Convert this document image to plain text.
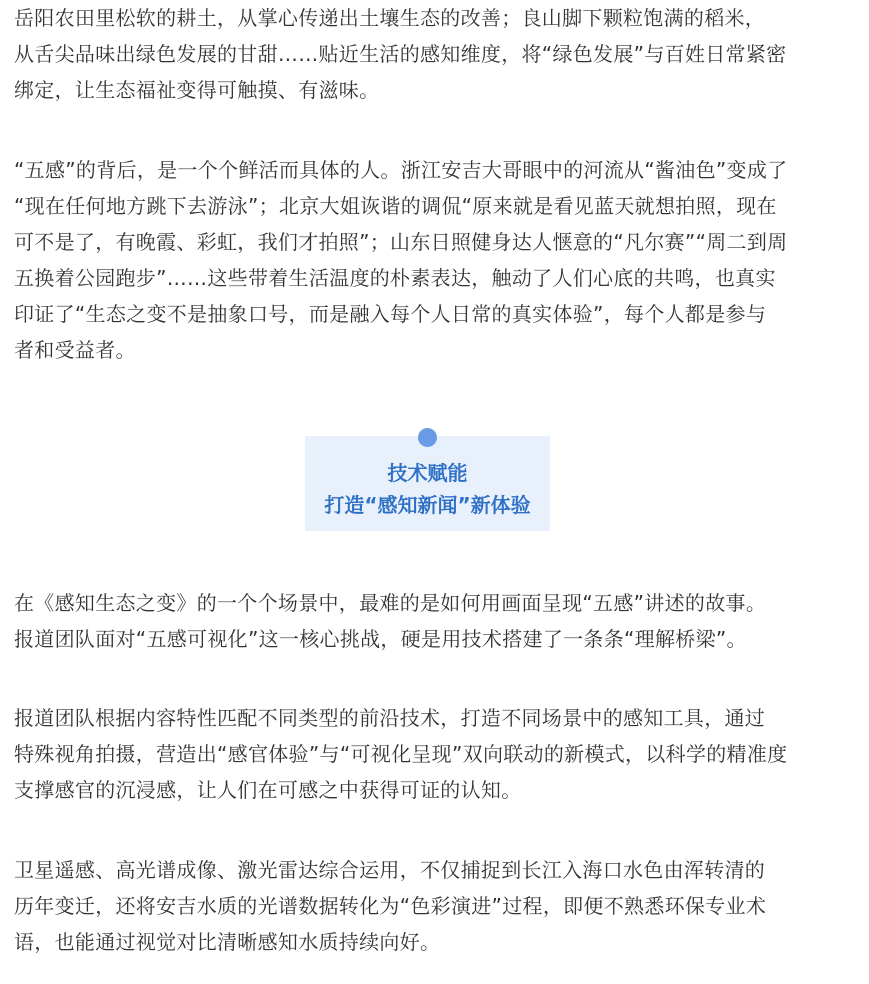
岳阳农田里松软的耕土，从掌心传递出土壤生态的改善；良山脚下颗粒饱满的稻米，
从舌尖品味出绿色发展的甘甜……贴近生活的感知维度，将“绿色发展”与百姓日常紧密
绑定，让生态福祉变得可触摸、有滋味。
“五感”的背后，是一个个鲜活而具体的人。浙江安吉大哥眼中的河流从“酱油色”变成了
“现在任何地方跳下去游泳”；北京大姐诙谐的调侃“原来就是看见蓝天就想拍照，现在
可不是了，有晚霞、彩虹，我们才拍照”；山东日照健身达人惬意的“凡尔赛”“周二到周
五换着公园跑步”……这些带着生活温度的朴素表达，触动了人们心底的共鸣，也真实
印证了“生态之变不是抽象口号，而是融入每个人日常的真实体验”，每个人都是参与
者和受益者。
技术赋能
打造“感知新闻”新体验
在《感知生态之变》的一个个场景中，最难的是如何用画面呈现“五感”讲述的故事。
报道团队面对“五感可视化”这一核心挑战，硬是用技术搭建了一条条“理解桥梁”。
报道团队根据内容特性匹配不同类型的前沿技术，打造不同场景中的感知工具，通过
特殊视角拍摄，营造出“感官体验”与“可视化呈现”双向联动的新模式，以科学的精准度
支撑感官的沉浸感，让人们在可感之中获得可证的认知。
卫星遥感、高光谱成像、激光雷达综合运用，不仅捕捉到长江入海口水色由浑转清的
历年变迁，还将安吉水质的光谱数据转化为“色彩演进”过程，即便不熟悉环保专业术
语，也能通过视觉对比清晰感知水质持续向好。
